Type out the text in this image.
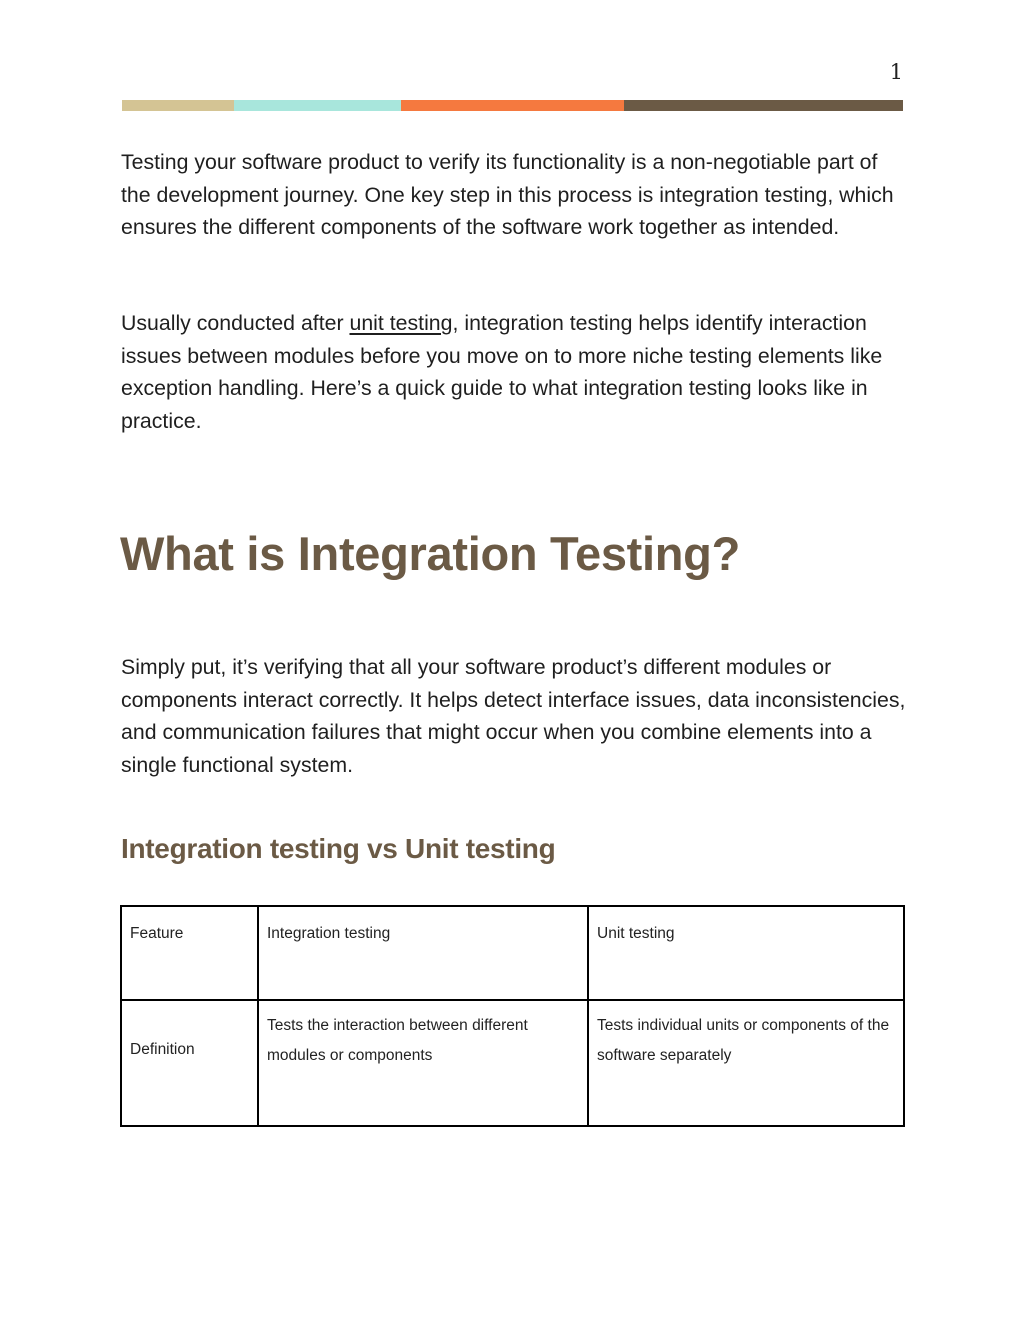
1

Testing your software product to verify its functionality is a non-negotiable part of the development journey. One key step in this process is integration testing, which ensures the different components of the software work together as intended.

Usually conducted after unit testing, integration testing helps identify interaction issues between modules before you move on to more niche testing elements like exception handling. Here’s a quick guide to what integration testing looks like in practice.

What is Integration Testing?

Simply put, it’s verifying that all your software product’s different modules or components interact correctly. It helps detect interface issues, data inconsistencies, and communication failures that might occur when you combine elements into a single functional system.

Integration testing vs Unit testing
Feature	Integration testing	Unit testing
Definition	Tests the interaction between different modules or components	Tests individual units or components of the software separately
